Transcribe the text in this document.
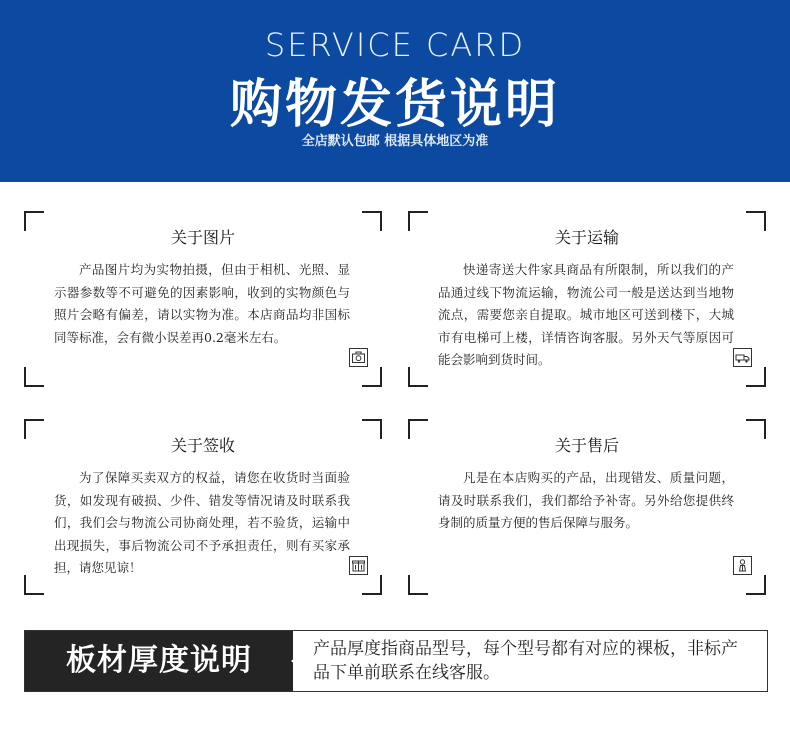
SERVICE CARD
购物发货说明
全店默认包邮 根据具体地区为准
关于图片
产品图片均为实物拍摄，但由于相机、光照、显示器参数等不可避免的因素影响，收到的实物颜色与照片会略有偏差，请以实物为准。本店商品均非国标同等标准，会有微小误差再0.2毫米左右。
关于运输
快递寄送大件家具商品有所限制，所以我们的产品通过线下物流运输，物流公司一般是送达到当地物流点，需要您亲自提取。城市地区可送到楼下，大城市有电梯可上楼，详情咨询客服。另外天气等原因可能会影响到货时间。
关于签收
为了保障买卖双方的权益，请您在收货时当面验货，如发现有破损、少件、错发等情况请及时联系我们，我们会与物流公司协商处理，若不验货，运输中出现损失，事后物流公司不予承担责任，则有买家承担，请您见谅！
关于售后
凡是在本店购买的产品，出现错发、质量问题，请及时联系我们，我们都给予补寄。另外给您提供终身制的质量方便的售后保障与服务。
板材厚度说明	产品厚度指商品型号，每个型号都有对应的裸板，非标产品下单前联系在线客服。
